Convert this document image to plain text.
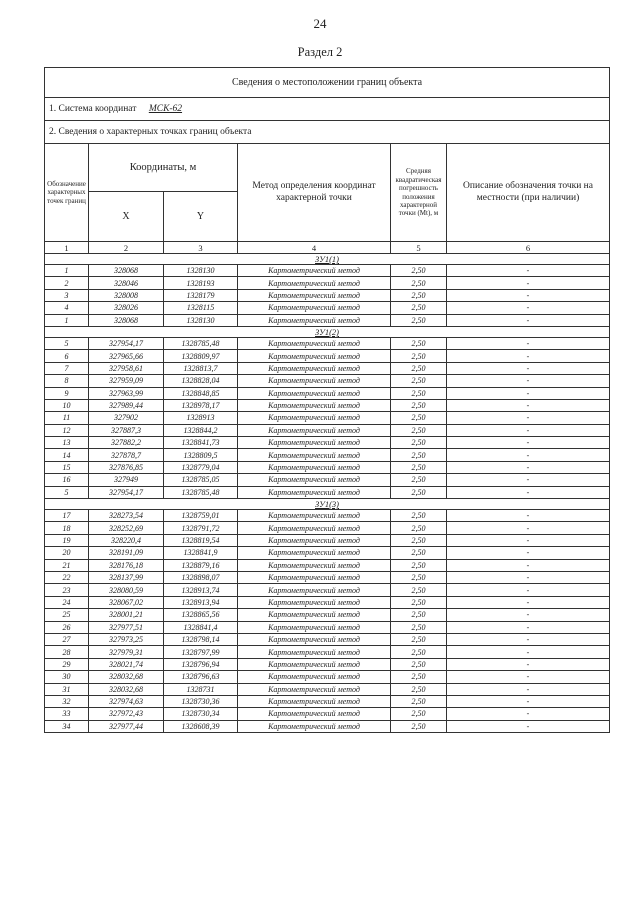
24
Раздел 2
Сведения о местоположении границ объекта					
1. Система координат МСК-62					
2. Сведения о характерных точках границ объекта					
Обозначение характерных точек границ	Координаты, м		Метод определения координат характерной точки	Средняя квадратическая погрешность положения характерной точки (Мt), м	Описание обозначения точки на местности (при наличии)
	X	Y			
1	2	3	4	5	6
ЗУ1(1)					
1	328068	1328130	Картометрический метод	2,50	-
2	328046	1328193	Картометрический метод	2,50	-
3	328008	1328179	Картометрический метод	2,50	-
4	328026	1328115	Картометрический метод	2,50	-
1	328068	1328130	Картометрический метод	2,50	-
ЗУ1(2)					
5	327954,17	1328785,48	Картометрический метод	2,50	-
6	327965,66	1328809,97	Картометрический метод	2,50	-
7	327958,61	1328813,7	Картометрический метод	2,50	-
8	327959,09	1328828,04	Картометрический метод	2,50	-
9	327963,99	1328848,85	Картометрический метод	2,50	-
10	327989,44	1328978,17	Картометрический метод	2,50	-
11	327902	1328913	Картометрический метод	2,50	-
12	327887,3	1328844,2	Картометрический метод	2,50	-
13	327882,2	1328841,73	Картометрический метод	2,50	-
14	327878,7	1328809,5	Картометрический метод	2,50	-
15	327876,85	1328779,04	Картометрический метод	2,50	-
16	327949	1328785,05	Картометрический метод	2,50	-
5	327954,17	1328785,48	Картометрический метод	2,50	-
ЗУ1(3)					
17	328273,54	1328759,01	Картометрический метод	2,50	-
18	328252,69	1328791,72	Картометрический метод	2,50	-
19	328220,4	1328819,54	Картометрический метод	2,50	-
20	328191,09	1328841,9	Картометрический метод	2,50	-
21	328176,18	1328879,16	Картометрический метод	2,50	-
22	328137,99	1328898,07	Картометрический метод	2,50	-
23	328080,59	1328913,74	Картометрический метод	2,50	-
24	328067,02	1328913,94	Картометрический метод	2,50	-
25	328001,21	1328865,56	Картометрический метод	2,50	-
26	327977,51	1328841,4	Картометрический метод	2,50	-
27	327973,25	1328798,14	Картометрический метод	2,50	-
28	327979,31	1328797,99	Картометрический метод	2,50	-
29	328021,74	1328796,94	Картометрический метод	2,50	-
30	328032,68	1328796,63	Картометрический метод	2,50	-
31	328032,68	1328731	Картометрический метод	2,50	-
32	327974,63	1328730,36	Картометрический метод	2,50	-
33	327972,43	1328730,34	Картометрический метод	2,50	-
34	327977,44	1328608,39	Картометрический метод	2,50	-
